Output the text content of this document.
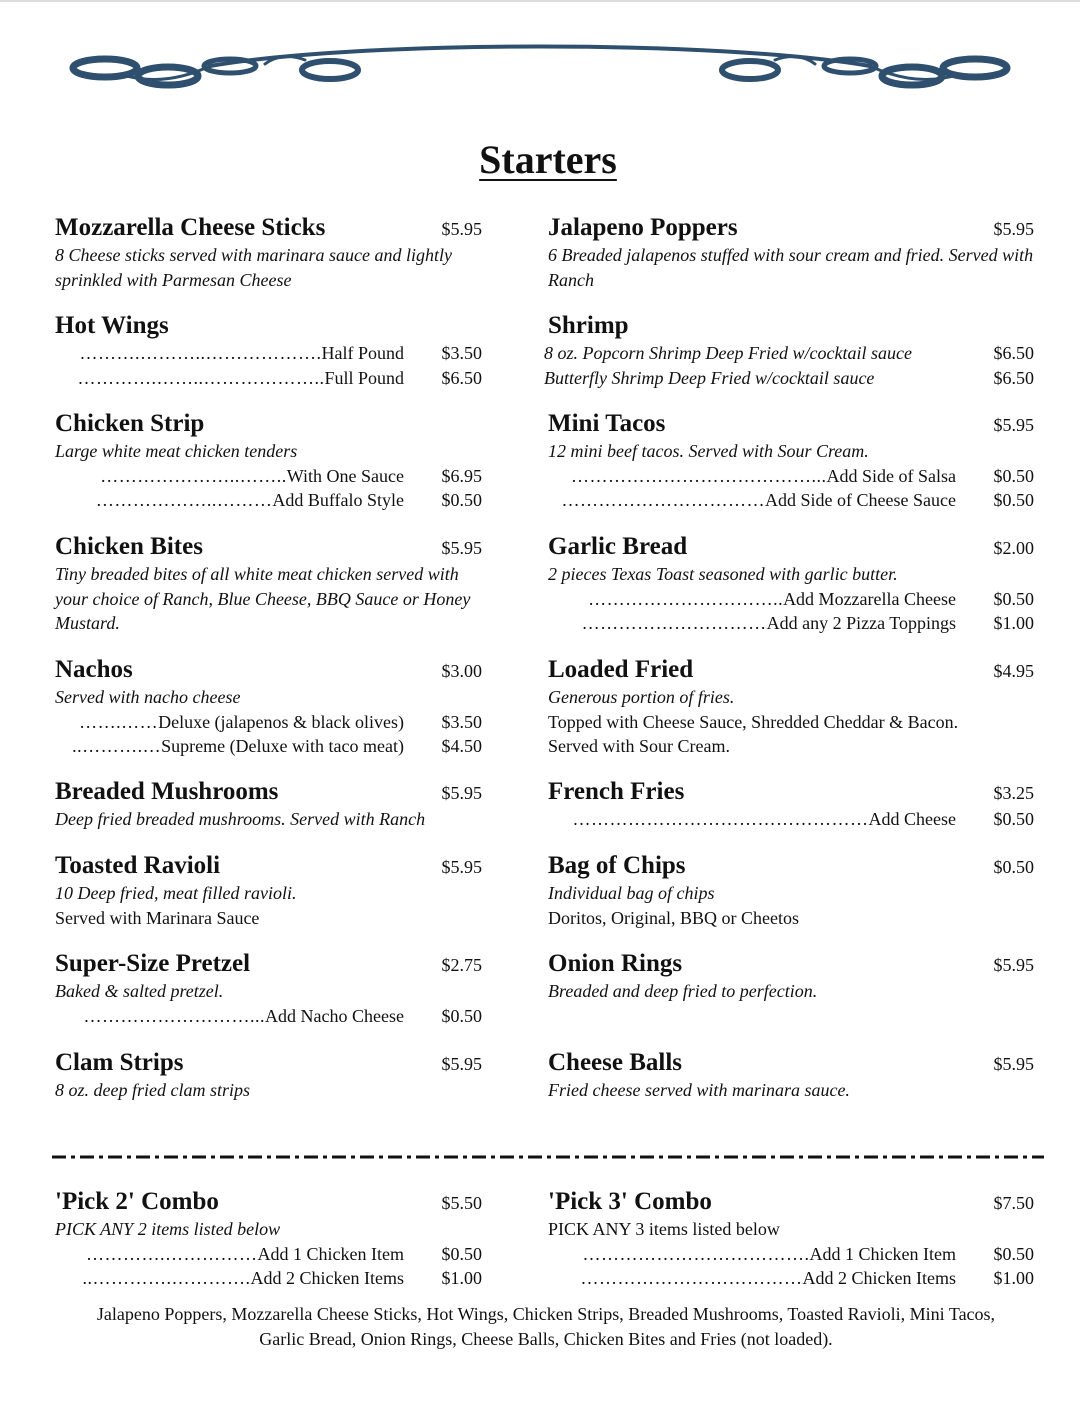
Starters
Mozzarella Cheese Sticks	$5.95
8 Cheese sticks served with marinara sauce and lightly sprinkled with Parmesan Cheese
Hot Wings
……….………..……………….Half Pound $3.50
………….……..………………..Full Pound $6.50
Chicken Strip
Large white meat chicken tenders
…………………..……..With One Sauce $6.95
………………..………Add Buffalo Style $0.50
Chicken Bites	$5.95
Tiny breaded bites of all white meat chicken served with your choice of Ranch, Blue Cheese, BBQ Sauce or Honey Mustard.
Nachos	$3.00
Served with nacho cheese
…….……Deluxe (jalapenos & black olives) $3.50
..……….…Supreme (Deluxe with taco meat) $4.50
Breaded Mushrooms	$5.95
Deep fried breaded mushrooms. Served with Ranch
Toasted Ravioli	$5.95
10 Deep fried, meat filled ravioli.
Served with Marinara Sauce
Super-Size Pretzel	$2.75
Baked & salted pretzel.
………………………...Add Nacho Cheese $0.50
Clam Strips	$5.95
8 oz. deep fried clam strips
Jalapeno Poppers	$5.95
6 Breaded jalapenos stuffed with sour cream and fried. Served with Ranch
Shrimp
8 oz. Popcorn Shrimp Deep Fried w/cocktail sauce	$6.50
Butterfly Shrimp Deep Fried w/cocktail sauce	$6.50
Mini Tacos	$5.95
12 mini beef tacos. Served with Sour Cream.
…………………………………...Add Side of Salsa $0.50
……………………………Add Side of Cheese Sauce $0.50
Garlic Bread	$2.00
2 pieces Texas Toast seasoned with garlic butter.
…………………………..Add Mozzarella Cheese $0.50
…………………………Add any 2 Pizza Toppings $1.00
Loaded Fried	$4.95
Generous portion of fries.
Topped with Cheese Sauce, Shredded Cheddar & Bacon.
Served with Sour Cream.
French Fries	$3.25
…………………………………………Add Cheese $0.50
Bag of Chips	$0.50
Individual bag of chips
Doritos, Original, BBQ or Cheetos
Onion Rings	$5.95
Breaded and deep fried to perfection.
Cheese Balls	$5.95
Fried cheese served with marinara sauce.
'Pick 2' Combo	$5.50
PICK ANY 2 items listed below
………….……………Add 1 Chicken Item $0.50
..………….………….Add 2 Chicken Items $1.00
'Pick 3' Combo	$7.50
PICK ANY 3 items listed below
……………………………….Add 1 Chicken Item $0.50
………………………………Add 2 Chicken Items $1.00
Jalapeno Poppers, Mozzarella Cheese Sticks, Hot Wings, Chicken Strips, Breaded Mushrooms, Toasted Ravioli, Mini Tacos,
Garlic Bread, Onion Rings, Cheese Balls, Chicken Bites and Fries (not loaded).
